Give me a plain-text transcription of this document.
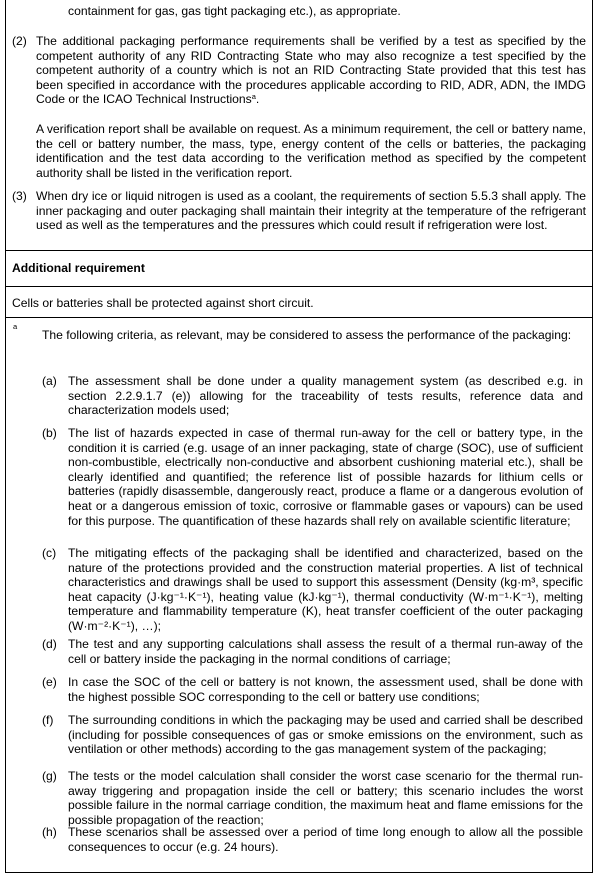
containment for gas, gas tight packaging etc.), as appropriate.

(2) The additional packaging performance requirements shall be verified by a test as specified by the competent authority of any RID Contracting State who may also recognize a test specified by the competent authority of a country which is not an RID Contracting State provided that this test has been specified in accordance with the procedures applicable according to RID, ADR, ADN, the IMDG Code or the ICAO Technical Instructions$^a$.

A verification report shall be available on request. As a minimum requirement, the cell or battery name, the cell or battery number, the mass, type, energy content of the cells or batteries, the packaging identification and the test data according to the verification method as specified by the competent authority shall be listed in the verification report.

(3) When dry ice or liquid nitrogen is used as a coolant, the requirements of section 5.5.3 shall apply. The inner packaging and outer packaging shall maintain their integrity at the temperature of the refrigerant used as well as the temperatures and the pressures which could result if refrigeration were lost.

Additional requirement

Cells or batteries shall be protected against short circuit.

a

The following criteria, as relevant, may be considered to assess the performance of the packaging:

(a) The assessment shall be done under a quality management system (as described e.g. in section 2.2.9.1.7 (e)) allowing for the traceability of tests results, reference data and characterization models used;

(b) The list of hazards expected in case of thermal run-away for the cell or battery type, in the condition it is carried (e.g. usage of an inner packaging, state of charge (SOC), use of sufficient non-combustible, electrically non-conductive and absorbent cushioning material etc.), shall be clearly identified and quantified; the reference list of possible hazards for lithium cells or batteries (rapidly disassemble, dangerously react, produce a flame or a dangerous evolution of heat or a dangerous emission of toxic, corrosive or flammable gases or vapours) can be used for this purpose. The quantification of these hazards shall rely on available scientific literature;

(c) The mitigating effects of the packaging shall be identified and characterized, based on the nature of the protections provided and the construction material properties. A list of technical characteristics and drawings shall be used to support this assessment (Density (kg·m³, specific heat capacity (J·kg⁻¹·K⁻¹), heating value (kJ·kg⁻¹), thermal conductivity (W·m⁻¹·K⁻¹), melting temperature and flammability temperature (K), heat transfer coefficient of the outer packaging (W·m⁻²·K⁻¹), …);

(d) The test and any supporting calculations shall assess the result of a thermal run-away of the cell or battery inside the packaging in the normal conditions of carriage;

(e) In case the SOC of the cell or battery is not known, the assessment used, shall be done with the highest possible SOC corresponding to the cell or battery use conditions;

(f) The surrounding conditions in which the packaging may be used and carried shall be described (including for possible consequences of gas or smoke emissions on the environment, such as ventilation or other methods) according to the gas management system of the packaging;

(g) The tests or the model calculation shall consider the worst case scenario for the thermal run-away triggering and propagation inside the cell or battery; this scenario includes the worst possible failure in the normal carriage condition, the maximum heat and flame emissions for the possible propagation of the reaction;

(h) These scenarios shall be assessed over a period of time long enough to allow all the possible consequences to occur (e.g. 24 hours).
